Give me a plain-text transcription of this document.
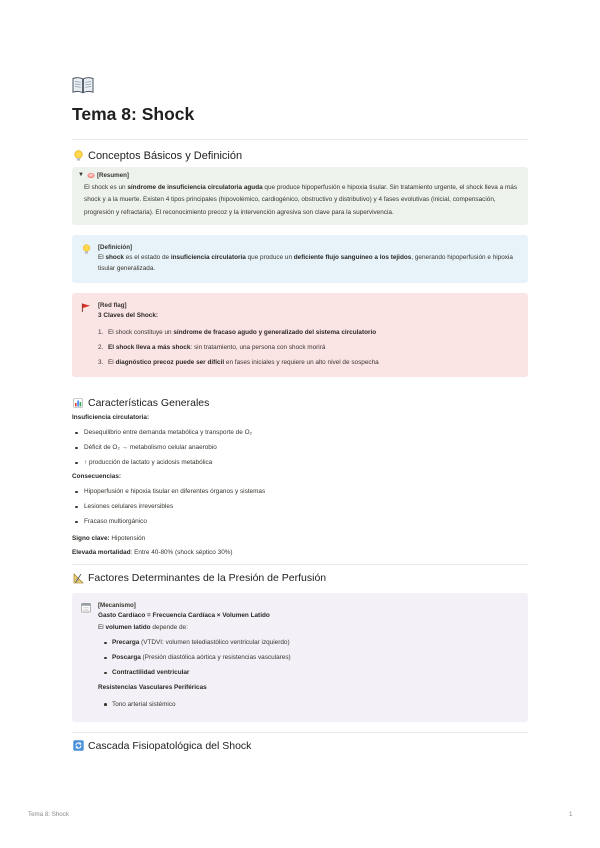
Tema 8: Shock
Conceptos Básicos y Definición
▼ [Resumen]
El shock es un síndrome de insuficiencia circulatoria aguda que produce hipoperfusión e hipoxia tisular. Sin tratamiento urgente, el shock lleva a más shock y a la muerte. Existen 4 tipos principales (hipovolémico, cardiogénico, obstructivo y distributivo) y 4 fases evolutivas (inicial, compensación, progresión y refractaria). El reconocimiento precoz y la intervención agresiva son clave para la supervivencia.
[Definición]
El shock es el estado de insuficiencia circulatoria que produce un deficiente flujo sanguíneo a los tejidos, generando hipoperfusión e hipoxia tisular generalizada.
[Red flag]
3 Claves del Shock:
1. El shock constituye un síndrome de fracaso agudo y generalizado del sistema circulatorio
2. El shock lleva a más shock: sin tratamiento, una persona con shock morirá
3. El diagnóstico precoz puede ser difícil en fases iniciales y requiere un alto nivel de sospecha
Características Generales
Insuficiencia circulatoria:
Desequilibrio entre demanda metabólica y transporte de O₂
Déficit de O₂ → metabolismo celular anaerobio
↑ producción de lactato y acidosis metabólica
Consecuencias:
Hipoperfusión e hipoxia tisular en diferentes órganos y sistemas
Lesiones celulares irreversibles
Fracaso multiorgánico
Signo clave: Hipotensión
Elevada mortalidad: Entre 40-80% (shock séptico 30%)
Factores Determinantes de la Presión de Perfusión
[Mecanismo]
Gasto Cardíaco = Frecuencia Cardíaca × Volumen Latido
El volumen latido depende de:
Precarga (VTDVI: volumen telediastólico ventricular izquierdo)
Poscarga (Presión diastólica aórtica y resistencias vasculares)
Contractilidad ventricular
Resistencias Vasculares Periféricas
Tono arterial sistémico
Cascada Fisiopatológica del Shock
Tema 8: Shock	1
